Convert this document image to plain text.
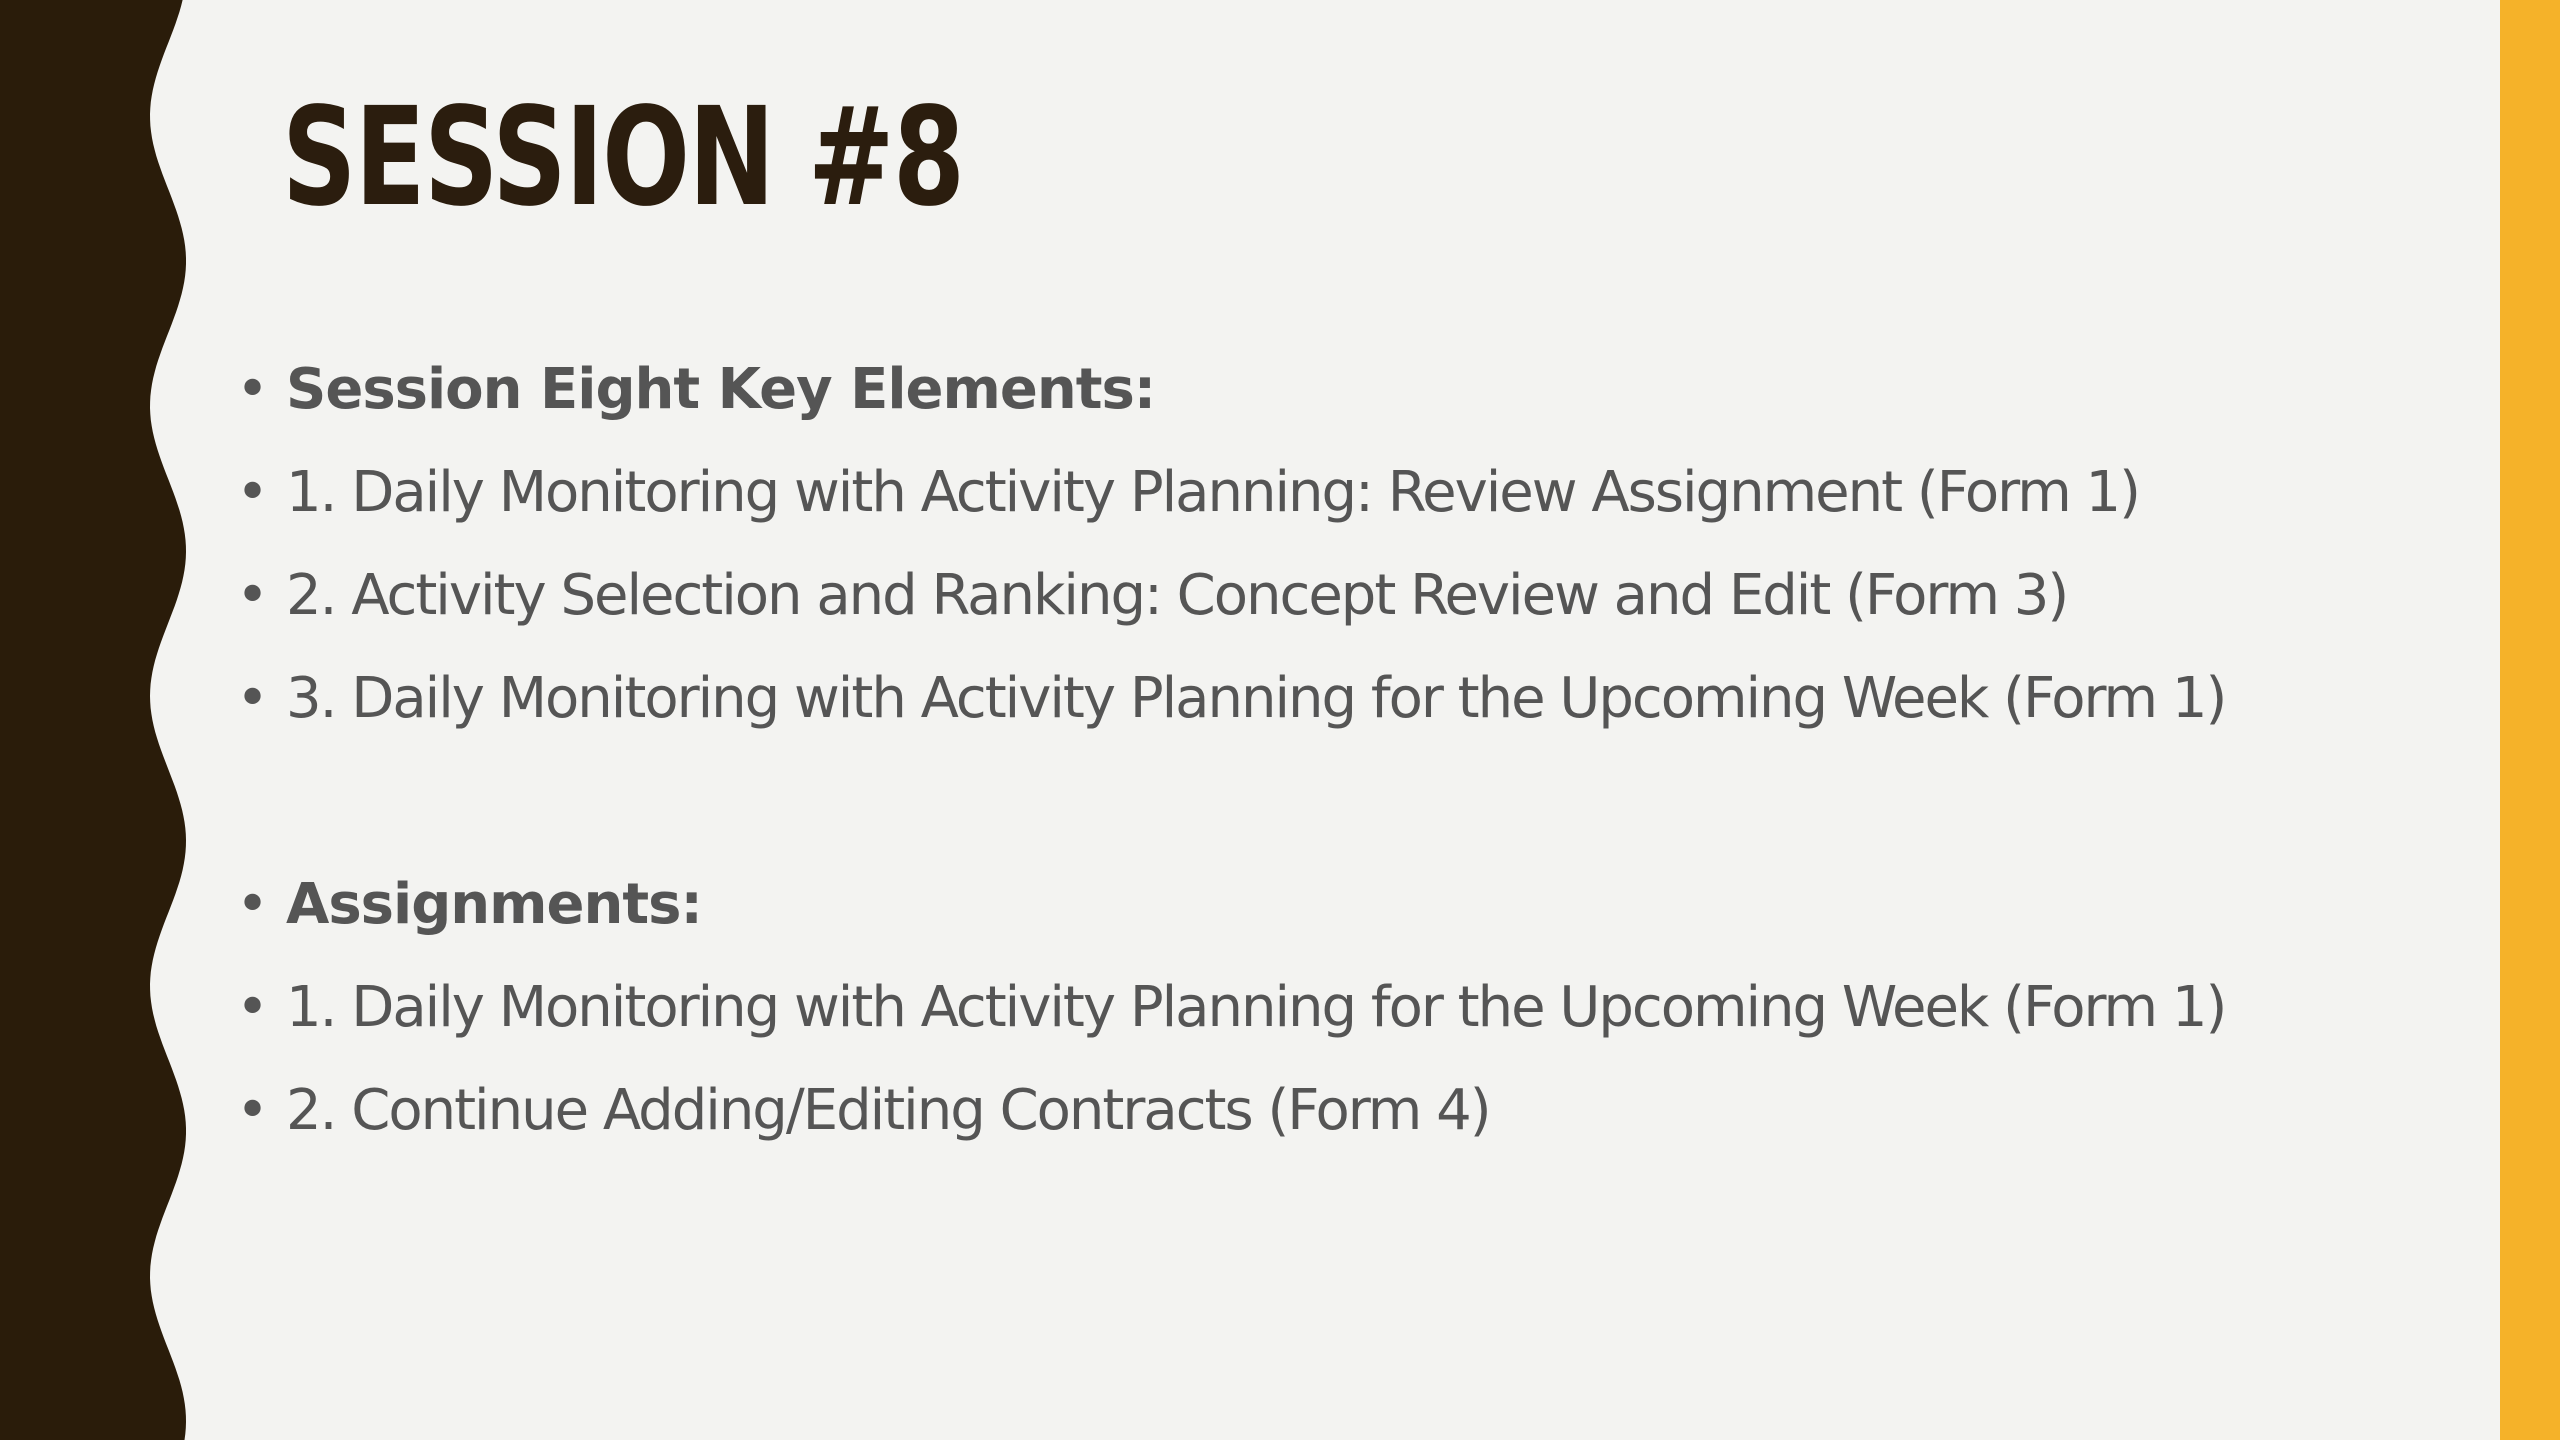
SESSION #8
• Session Eight Key Elements:
• 1. Daily Monitoring with Activity Planning: Review Assignment (Form 1)
• 2. Activity Selection and Ranking: Concept Review and Edit (Form 3)
• 3. Daily Monitoring with Activity Planning for the Upcoming Week (Form 1)
• Assignments:
• 1. Daily Monitoring with Activity Planning for the Upcoming Week (Form 1)
• 2. Continue Adding/Editing Contracts (Form 4)
